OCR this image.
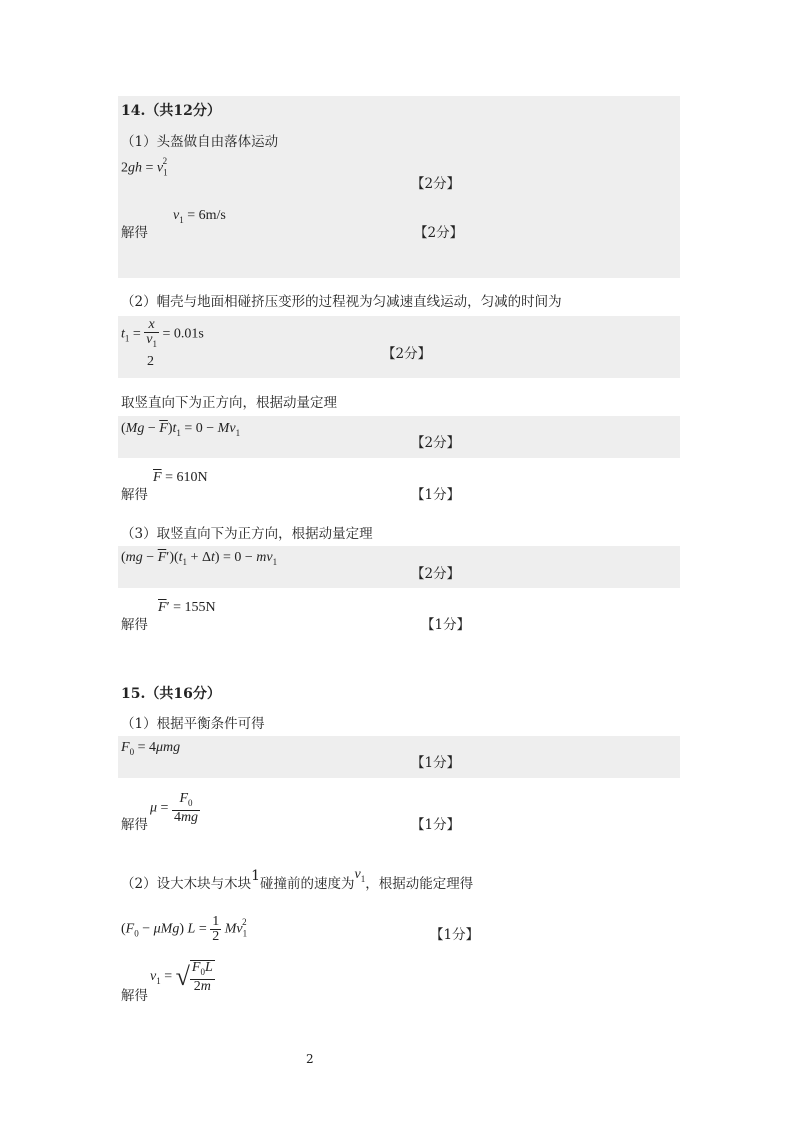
14.（共12分）
（1）头盔做自由落体运动
$2gh = v_1^2$
【2分】
解得
$v_1 = 6m/s$
【2分】
（2）帽壳与地面相碰挤压变形的过程视为匀减速直线运动，匀减的时间为
$t_1 = \frac{x}{v_1} = 0.01s$
2	【2分】
取竖直向下为正方向，根据动量定理
$(Mg - \overline{F})t_1 = 0 - Mv_1$
【2分】
解得
$\overline{F} = 610N$
【1分】
（3）取竖直向下为正方向，根据动量定理
$(mg - \overline{F}')(t_1 + \Delta t) = 0 - mv_1$
【2分】
解得
$\overline{F}' = 155N$
【1分】
15.（共16分）
（1）根据平衡条件可得
$F_0 = 4\mu mg$
【1分】
解得
$\mu = \frac{F_0}{4mg}$
【1分】
（2）设大木块与木块1碰撞前的速度为$v_1$，根据动能定理得
$(F_0 - \mu Mg) L = \frac{1}{2} Mv_1^2$
【1分】
解得
$v_1$ = √ $\frac{F_0L}{2m}$
2
